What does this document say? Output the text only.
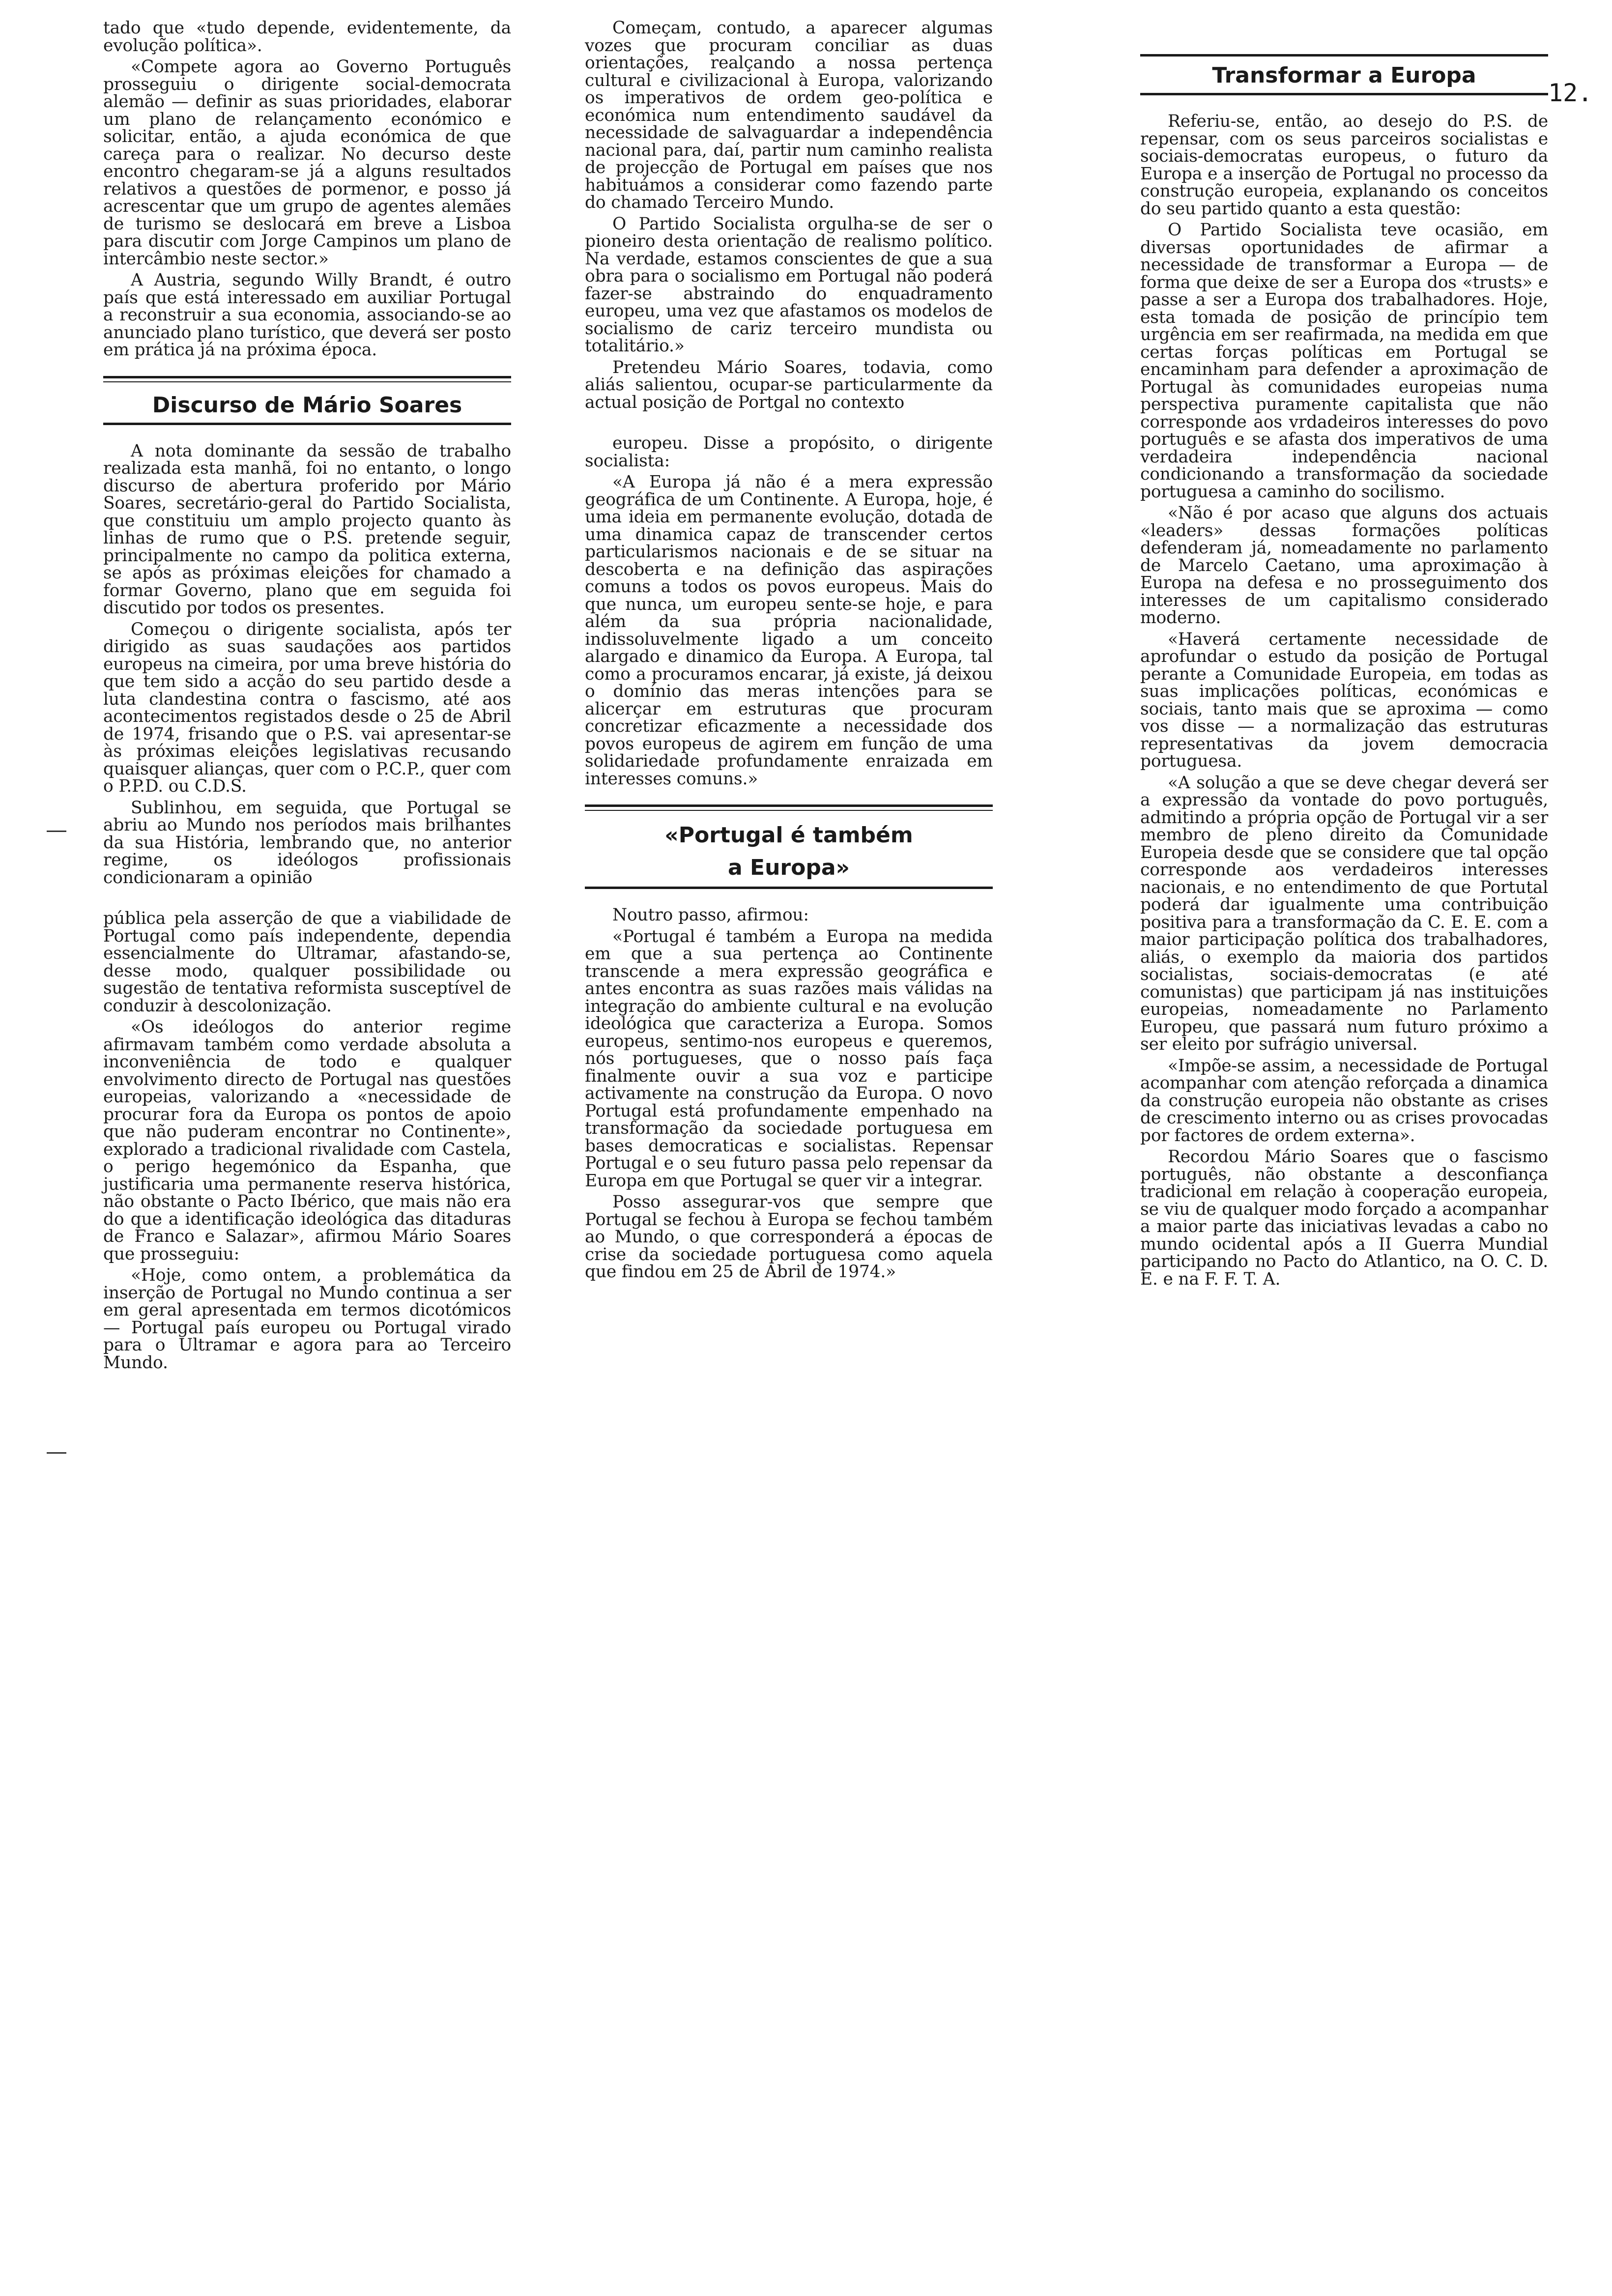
12.

tado que «tudo depende, evidentemente, da evolução política».

«Compete agora ao Governo Português prosseguiu o dirigente social-democrata alemão — definir as suas prioridades, elaborar um plano de relançamento económico e solicitar, então, a ajuda económica de que careça para o realizar. No decurso deste encontro chegaram-se já a alguns resultados relativos a questões de pormenor, e posso já acrescentar que um grupo de agentes alemães de turismo se deslocará em breve a Lisboa para discutir com Jorge Campinos um plano de intercâmbio neste sector.»

A Austria, segundo Willy Brandt, é outro país que está interessado em auxiliar Portugal a reconstruir a sua economia, associando-se ao anunciado plano turístico, que deverá ser posto em prática já na próxima época.

Discurso de Mário Soares

A nota dominante da sessão de trabalho realizada esta manhã, foi no entanto, o longo discurso de abertura proferido por Mário Soares, secretário-geral do Partido Socialista, que constituiu um amplo projecto quanto às linhas de rumo que o P.S. pretende seguir, principalmente no campo da politica externa, se após as próximas eleições for chamado a formar Governo, plano que em seguida foi discutido por todos os presentes.

Começou o dirigente socialista, após ter dirigido as suas saudações aos partidos europeus na cimeira, por uma breve história do que tem sido a acção do seu partido desde a luta clandestina contra o fascismo, até aos acontecimentos registados desde o 25 de Abril de 1974, frisando que o P.S. vai apresentar-se às próximas eleições legislativas recusando quaisquer alianças, quer com o P.C.P., quer com o P.P.D. ou C.D.S.

Sublinhou, em seguida, que Portugal se abriu ao Mundo nos períodos mais brilhantes da sua História, lembrando que, no anterior regime, os ideólogos profissionais condicionaram a opinião

pública pela asserção de que a viabilidade de Portugal como país independente, dependia essencialmente do Ultramar, afastando-se, desse modo, qualquer possibilidade ou sugestão de tentativa reformista susceptível de conduzir à descolonização.

«Os ideólogos do anterior regime afirmavam também como verdade absoluta a inconveniência de todo e qualquer envolvimento directo de Portugal nas questões europeias, valorizando a «necessidade de procurar fora da Europa os pontos de apoio que não puderam encontrar no Continente», explorado a tradicional rivalidade com Castela, o perigo hegemónico da Espanha, que justificaria uma permanente reserva histórica, não obstante o Pacto Ibérico, que mais não era do que a identificação ideológica das ditaduras de Franco e Salazar», afirmou Mário Soares que prosseguiu:

«Hoje, como ontem, a problemática da inserção de Portugal no Mundo continua a ser em geral apresentada em termos dicotómicos — Portugal país europeu ou Portugal virado para o Ultramar e agora para ao Terceiro Mundo.

Começam, contudo, a aparecer algumas vozes que procuram conciliar as duas orientações, realçando a nossa pertença cultural e civilizacional à Europa, valorizando os imperativos de ordem geo-política e económica num entendimento saudável da necessidade de salvaguardar a independência nacional para, daí, partir num caminho realista de projecção de Portugal em países que nos habituámos a considerar como fazendo parte do chamado Terceiro Mundo.

O Partido Socialista orgulha-se de ser o pioneiro desta orientação de realismo político. Na verdade, estamos conscientes de que a sua obra para o socialismo em Portugal não poderá fazer-se abstraindo do enquadramento europeu, uma vez que afastamos os modelos de socialismo de cariz terceiro mundista ou totalitário.»

Pretendeu Mário Soares, todavia, como aliás salientou, ocupar-se particularmente da actual posição de Portgal no contexto

europeu. Disse a propósito, o dirigente socialista:

«A Europa já não é a mera expressão geográfica de um Continente. A Europa, hoje, é uma ideia em permanente evolução, dotada de uma dinamica capaz de transcender certos particularismos nacionais e de se situar na descoberta e na definição das aspirações comuns a todos os povos europeus. Mais do que nunca, um europeu sente-se hoje, e para além da sua própria nacionalidade, indissoluvelmente ligado a um conceito alargado e dinamico da Europa. A Europa, tal como a procuramos encarar, já existe, já deixou o domínio das meras intenções para se alicerçar em estruturas que procuram concretizar eficazmente a necessidade dos povos europeus de agirem em função de uma solidariedade profundamente enraizada em interesses comuns.»

«Portugal é também
a Europa»

Noutro passo, afirmou:

«Portugal é também a Europa na medida em que a sua pertença ao Continente transcende a mera expressão geográfica e antes encontra as suas razões mais válidas na integração do ambiente cultural e na evolução ideológica que caracteriza a Europa. Somos europeus, sentimo-nos europeus e queremos, nós portugueses, que o nosso país faça finalmente ouvir a sua voz e participe activamente na construção da Europa. O novo Portugal está profundamente empenhado na transformação da sociedade portuguesa em bases democraticas e socialistas. Repensar Portugal e o seu futuro passa pelo repensar da Europa em que Portugal se quer vir a integrar.

Posso assegurar-vos que sempre que Portugal se fechou à Europa se fechou também ao Mundo, o que corresponderá a épocas de crise da sociedade portuguesa como aquela que findou em 25 de Abril de 1974.»

Transformar a Europa

Referiu-se, então, ao desejo do P.S. de repensar, com os seus parceiros socialistas e sociais-democratas europeus, o futuro da Europa e a inserção de Portugal no processo da construção europeia, explanando os conceitos do seu partido quanto a esta questão:

O Partido Socialista teve ocasião, em diversas oportunidades de afirmar a necessidade de transformar a Europa — de forma que deixe de ser a Europa dos «trusts» e passe a ser a Europa dos trabalhadores. Hoje, esta tomada de posição de princípio tem urgência em ser reafirmada, na medida em que certas forças políticas em Portugal se encaminham para defender a aproximação de Portugal às comunidades europeias numa perspectiva puramente capitalista que não corresponde aos vrdadeiros interesses do povo português e se afasta dos imperativos de uma verdadeira independência nacional condicionando a transformação da sociedade portuguesa a caminho do socilismo.

«Não é por acaso que alguns dos actuais «leaders» dessas formações políticas defenderam já, nomeadamente no parlamento de Marcelo Caetano, uma aproximação à Europa na defesa e no prosseguimento dos interesses de um capitalismo considerado moderno.

«Haverá certamente necessidade de aprofundar o estudo da posição de Portugal perante a Comunidade Europeia, em todas as suas implicações políticas, económicas e sociais, tanto mais que se aproxima — como vos disse — a normalização das estruturas representativas da jovem democracia portuguesa.

«A solução a que se deve chegar deverá ser a expressão da vontade do povo português, admitindo a própria opção de Portugal vir a ser membro de pleno direito da Comunidade Europeia desde que se considere que tal opção corresponde aos verdadeiros interesses nacionais, e no entendimento de que Portutal poderá dar igualmente uma contribuição positiva para a transformação da C. E. E. com a maior participação política dos trabalhadores, aliás, o exemplo da maioria dos partidos socialistas, sociais-democratas (e até comunistas) que participam já nas instituições europeias, nomeadamente no Parlamento Europeu, que passará num futuro próximo a ser eleito por sufrágio universal.

«Impõe-se assim, a necessidade de Portugal acompanhar com atenção reforçada a dinamica da construção europeia não obstante as crises de crescimento interno ou as crises provocadas por factores de ordem externa».

Recordou Mário Soares que o fascismo português, não obstante a desconfiança tradicional em relação à cooperação europeia, se viu de qualquer modo forçado a acompanhar a maior parte das iniciativas levadas a cabo no mundo ocidental após a II Guerra Mundial participando no Pacto do Atlantico, na O. C. D. E. e na F. F. T. A.
